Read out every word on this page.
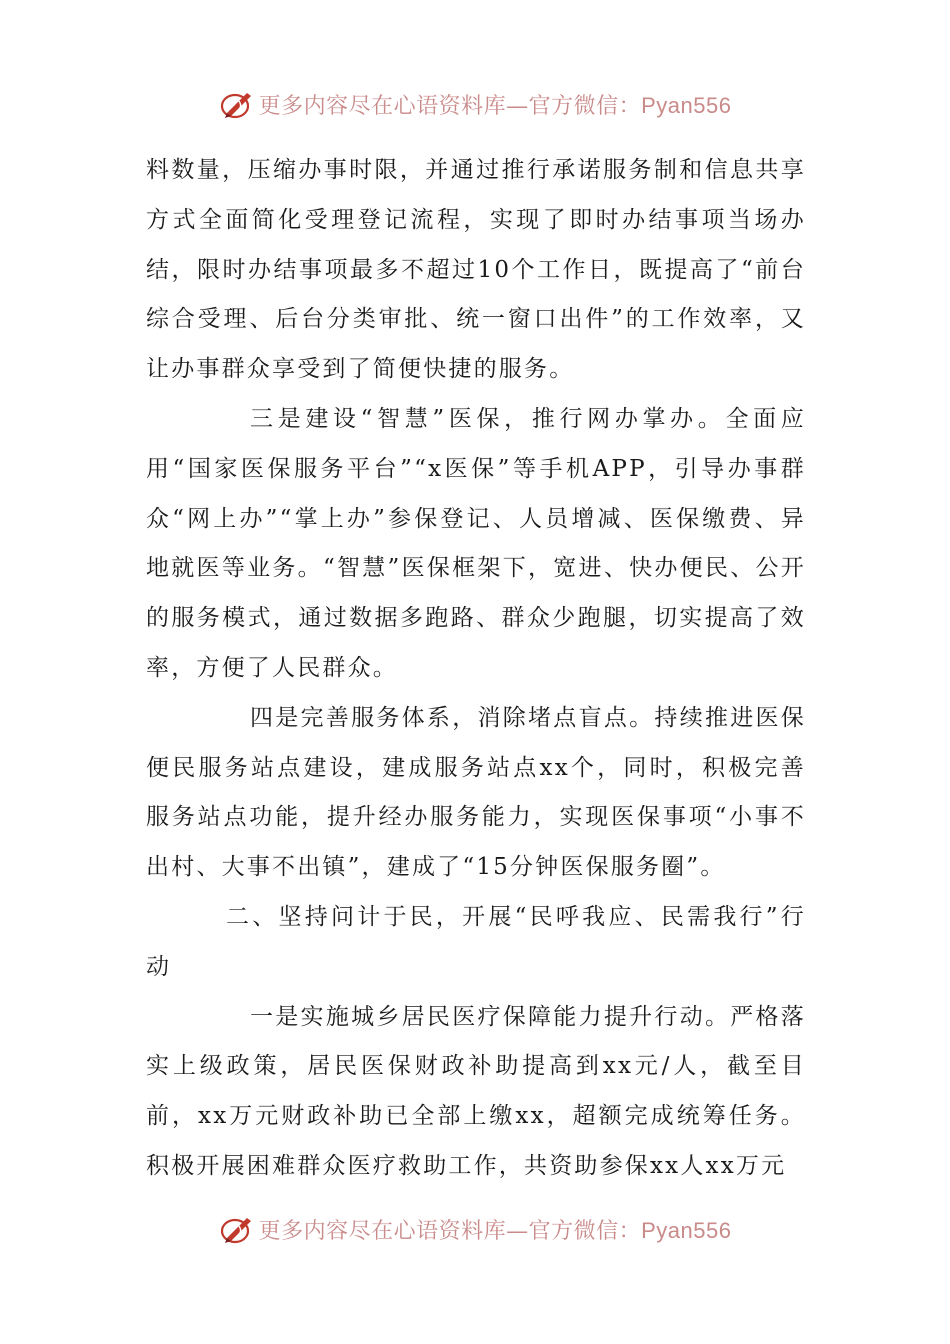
更多内容尽在心语资料库—官方微信：Pyan556

料数量，压缩办事时限，并通过推行承诺服务制和信息共享方式全面简化受理登记流程，实现了即时办结事项当场办结，限时办结事项最多不超过10个工作日，既提高了“前台综合受理、后台分类审批、统一窗口出件”的工作效率，又让办事群众享受到了简便快捷的服务。

三是建设“智慧”医保，推行网办掌办。全面应用“国家医保服务平台”“x医保”等手机APP，引导办事群众“网上办”“掌上办”参保登记、人员增减、医保缴费、异地就医等业务。“智慧”医保框架下，宽进、快办便民、公开的服务模式，通过数据多跑路、群众少跑腿，切实提高了效率，方便了人民群众。

四是完善服务体系，消除堵点盲点。持续推进医保便民服务站点建设，建成服务站点xx个，同时，积极完善服务站点功能，提升经办服务能力，实现医保事项“小事不出村、大事不出镇”，建成了“15分钟医保服务圈”。

二、坚持问计于民，开展“民呼我应、民需我行”行动

一是实施城乡居民医疗保障能力提升行动。严格落实上级政策，居民医保财政补助提高到xx元/人，截至目前，xx万元财政补助已全部上缴xx，超额完成统筹任务。积极开展困难群众医疗救助工作，共资助参保xx人xx万元

更多内容尽在心语资料库—官方微信：Pyan556
